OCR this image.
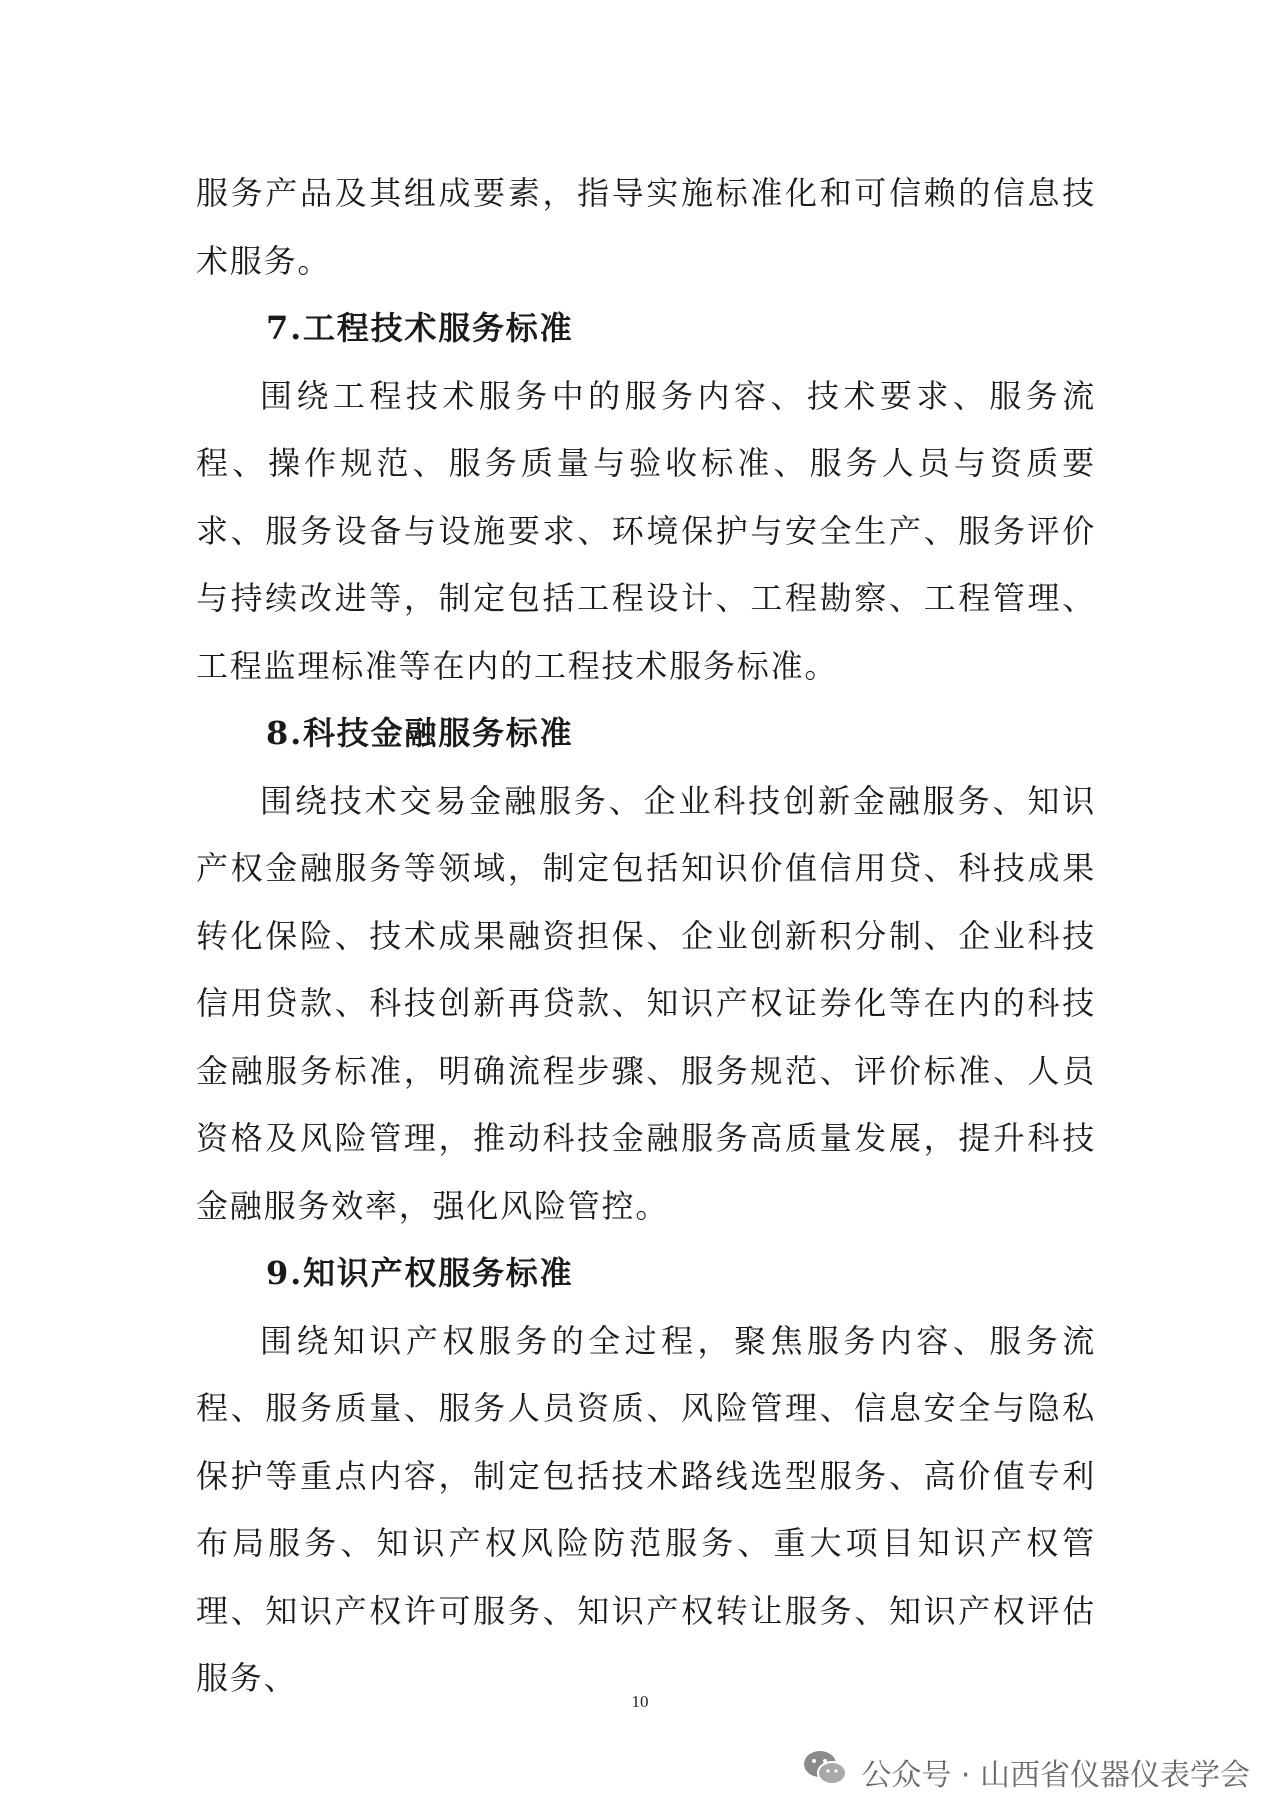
服务产品及其组成要素，指导实施标准化和可信赖的信息技术服务。

7.工程技术服务标准

围绕工程技术服务中的服务内容、技术要求、服务流程、操作规范、服务质量与验收标准、服务人员与资质要求、服务设备与设施要求、环境保护与安全生产、服务评价与持续改进等，制定包括工程设计、工程勘察、工程管理、工程监理标准等在内的工程技术服务标准。

8.科技金融服务标准

围绕技术交易金融服务、企业科技创新金融服务、知识产权金融服务等领域，制定包括知识价值信用贷、科技成果转化保险、技术成果融资担保、企业创新积分制、企业科技信用贷款、科技创新再贷款、知识产权证券化等在内的科技金融服务标准，明确流程步骤、服务规范、评价标准、人员资格及风险管理，推动科技金融服务高质量发展，提升科技金融服务效率，强化风险管控。

9.知识产权服务标准

围绕知识产权服务的全过程，聚焦服务内容、服务流程、服务质量、服务人员资质、风险管理、信息安全与隐私保护等重点内容，制定包括技术路线选型服务、高价值专利布局服务、知识产权风险防范服务、重大项目知识产权管理、知识产权许可服务、知识产权转让服务、知识产权评估服务、

10
公众号 · 山西省仪器仪表学会
